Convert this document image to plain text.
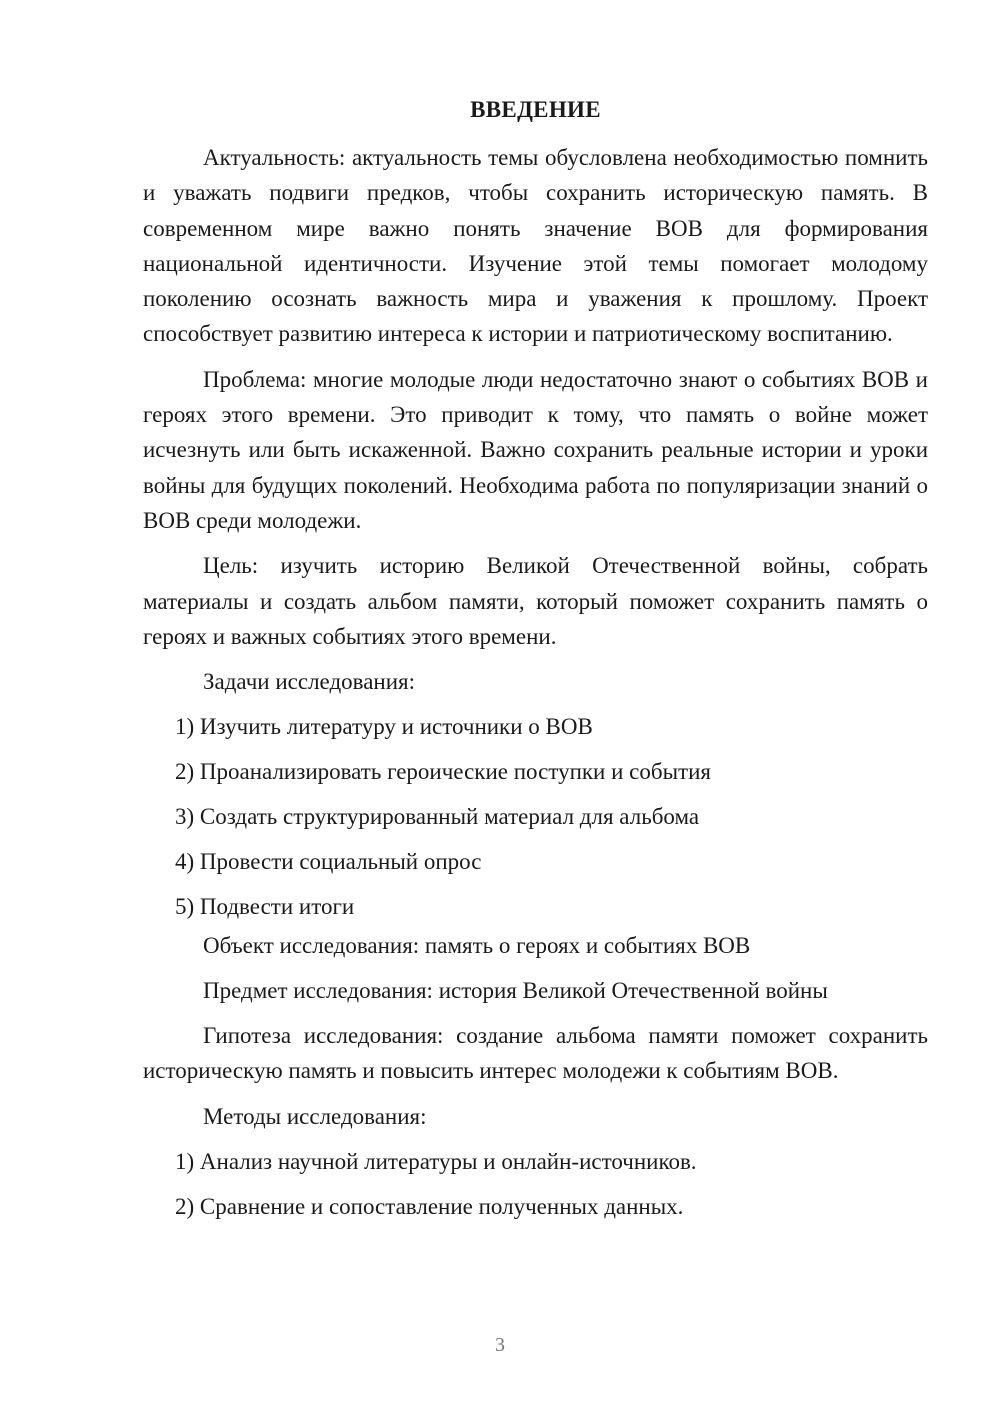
ВВЕДЕНИЕ

Актуальность: актуальность темы обусловлена необходимостью помнить и уважать подвиги предков, чтобы сохранить историческую память. В современном мире важно понять значение ВОВ для формирования национальной идентичности. Изучение этой темы помогает молодому поколению осознать важность мира и уважения к прошлому. Проект способствует развитию интереса к истории и патриотическому воспитанию.

Проблема: многие молодые люди недостаточно знают о событиях ВОВ и героях этого времени. Это приводит к тому, что память о войне может исчезнуть или быть искаженной. Важно сохранить реальные истории и уроки войны для будущих поколений. Необходима работа по популяризации знаний о ВОВ среди молодежи.

Цель: изучить историю Великой Отечественной войны, собрать материалы и создать альбом памяти, который поможет сохранить память о героях и важных событиях этого времени.

Задачи исследования:
1) Изучить литературу и источники о ВОВ
2) Проанализировать героические поступки и события
3) Создать структурированный материал для альбома
4) Провести социальный опрос
5) Подвести итоги
Объект исследования: память о героях и событиях ВОВ
Предмет исследования: история Великой Отечественной войны

Гипотеза исследования: создание альбома памяти поможет сохранить историческую память и повысить интерес молодежи к событиям ВОВ.

Методы исследования:
1) Анализ научной литературы и онлайн-источников.
2) Сравнение и сопоставление полученных данных.
3
